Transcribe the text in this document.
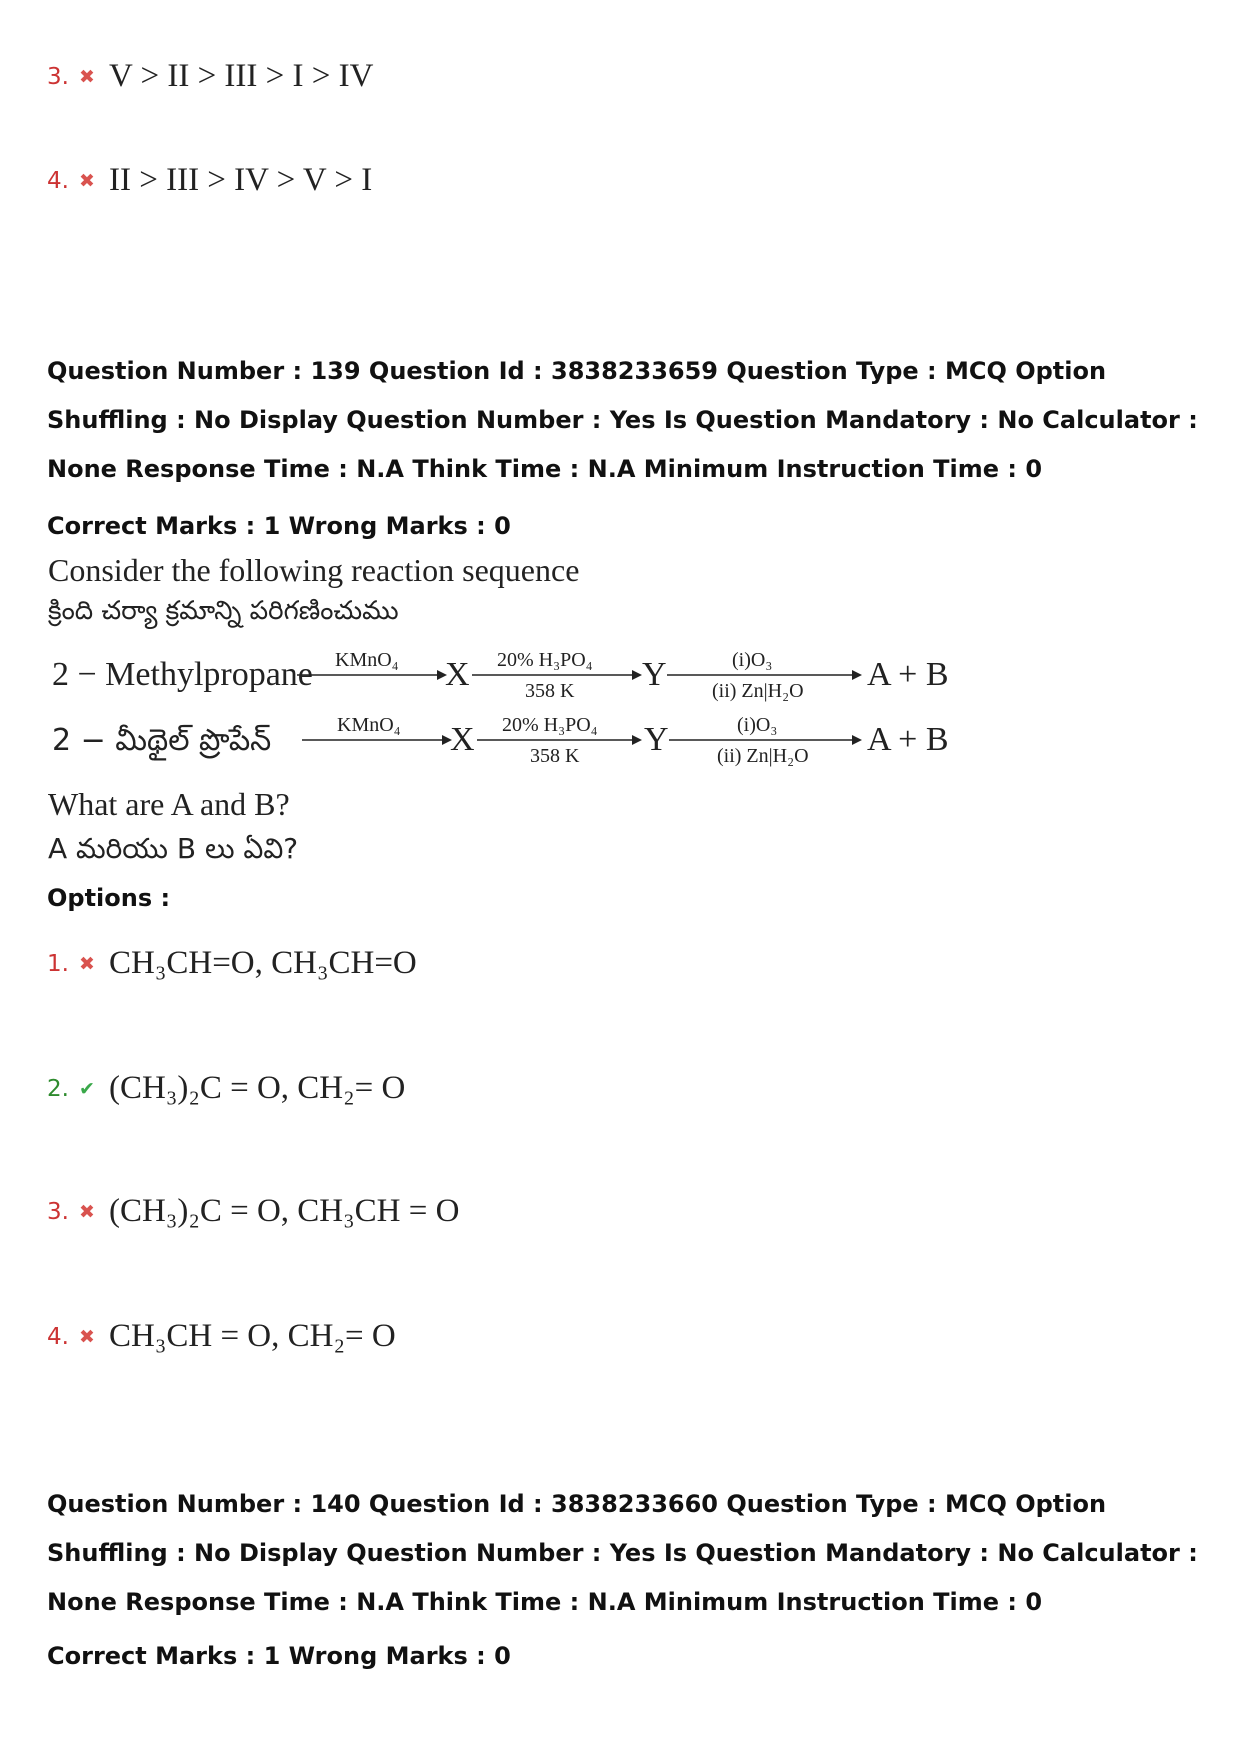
3. ✖ V > II > III > I > IV
4. ✖ II > III > IV > V > I
Question Number : 139 Question Id : 3838233659 Question Type : MCQ Option Shuffling : No Display Question Number : Yes Is Question Mandatory : No Calculator : None Response Time : N.A Think Time : N.A Minimum Instruction Time : 0
Correct Marks : 1 Wrong Marks : 0
Consider the following reaction sequence
క్రింది చర్యా క్రమాన్ని పరిగణించుము
2 − Methylpropane KMnO₄ X 20% H₃PO₄
358 K Y	(i)O₃
(ii) Zn|H₂O A + B
2 − మీథైల్ ప్రొపేన్	KMnO₄ X 20% H₃PO₄
358 K Y	(i)O₃
(ii) Zn|H₂O A + B
What are A and B?
A మరియు B లు ఏవి?
Options :
1. ✖ CH₃CH=O, CH₃CH=O
2. ✔ (CH₃)₂C = O, CH₂= O
3. ✖ (CH₃)₂C = O, CH₃CH = O
4. ✖ CH₃CH = O, CH₂= O
Question Number : 140 Question Id : 3838233660 Question Type : MCQ Option Shuffling : No Display Question Number : Yes Is Question Mandatory : No Calculator : None Response Time : N.A Think Time : N.A Minimum Instruction Time : 0
Correct Marks : 1 Wrong Marks : 0
